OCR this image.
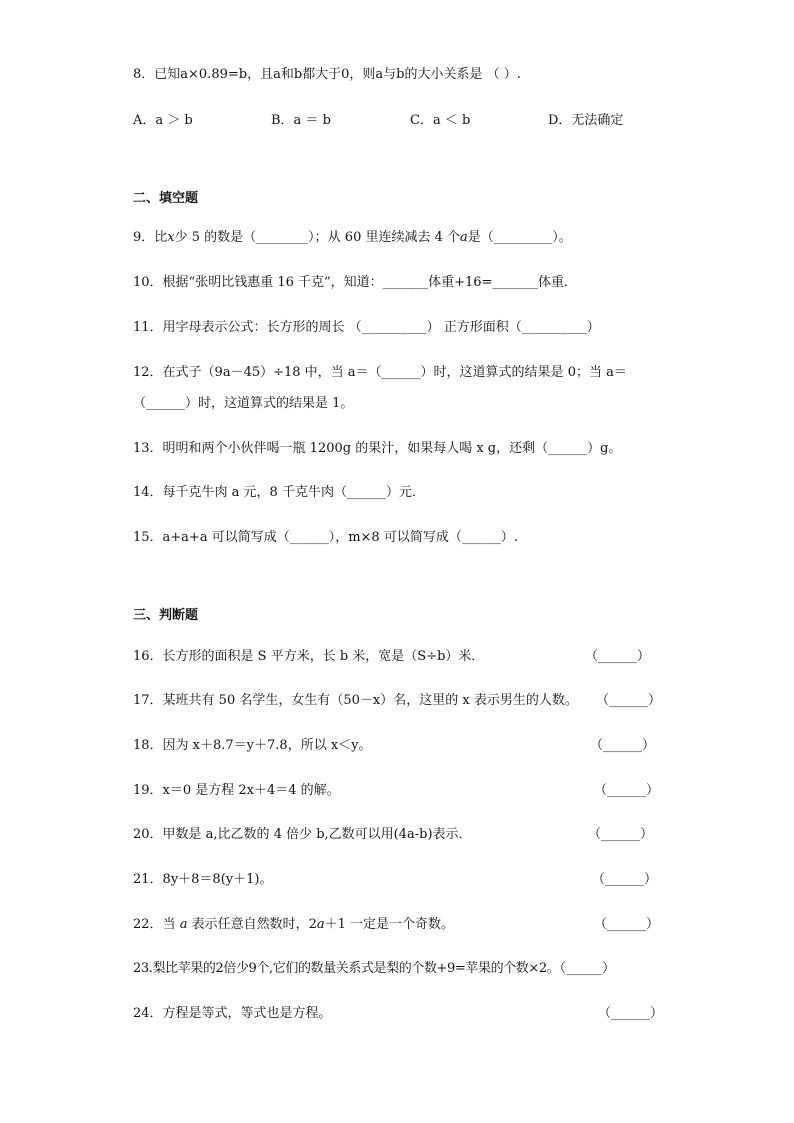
8．已知a×0.89=b，且a和b都大于0，则a与b的大小关系是 （ ）.
A．a ＞ b	B．a ＝ b	C．a ＜ b	D．无法确定
二、填空题
9．比x少 5 的数是（________）；从 60 里连续减去 4 个a是（_________）。
10．根据“张明比钱惠重 16 千克”，知道：_______体重+16=_______体重．
11．用字母表示公式：长方形的周长 （__________） 正方形面积（__________）
12．在式子（9a－45）÷18 中，当 a＝（______）时，这道算式的结果是 0；当 a＝
（______）时，这道算式的结果是 1。
13．明明和两个小伙伴喝一瓶 1200g 的果汁，如果每人喝 x g，还剩（______）g。
14．每千克牛肉 a 元，8 千克牛肉（______）元．
15．a+a+a 可以简写成（______），m×8 可以简写成（______）.
三、判断题
16．长方形的面积是 S 平方米，长 b 米，宽是（S÷b）米．	（______）
17．某班共有 50 名学生，女生有（50－x）名，这里的 x 表示男生的人数。 （______）
18．因为 x＋8.7＝y＋7.8，所以 x＜y。	（______）
19．x＝0 是方程 2x＋4＝4 的解。	（______）
20．甲数是 a,比乙数的 4 倍少 b,乙数可以用(4a-b)表示．	（______）
21．8y＋8＝8(y＋1)。	（______）
22．当 a 表示任意自然数时，2a＋1 一定是一个奇数。	（______）
23.梨比苹果的2倍少9个,它们的数量关系式是梨的个数+9=苹果的个数×2。（______）
24．方程是等式，等式也是方程。	（______）
